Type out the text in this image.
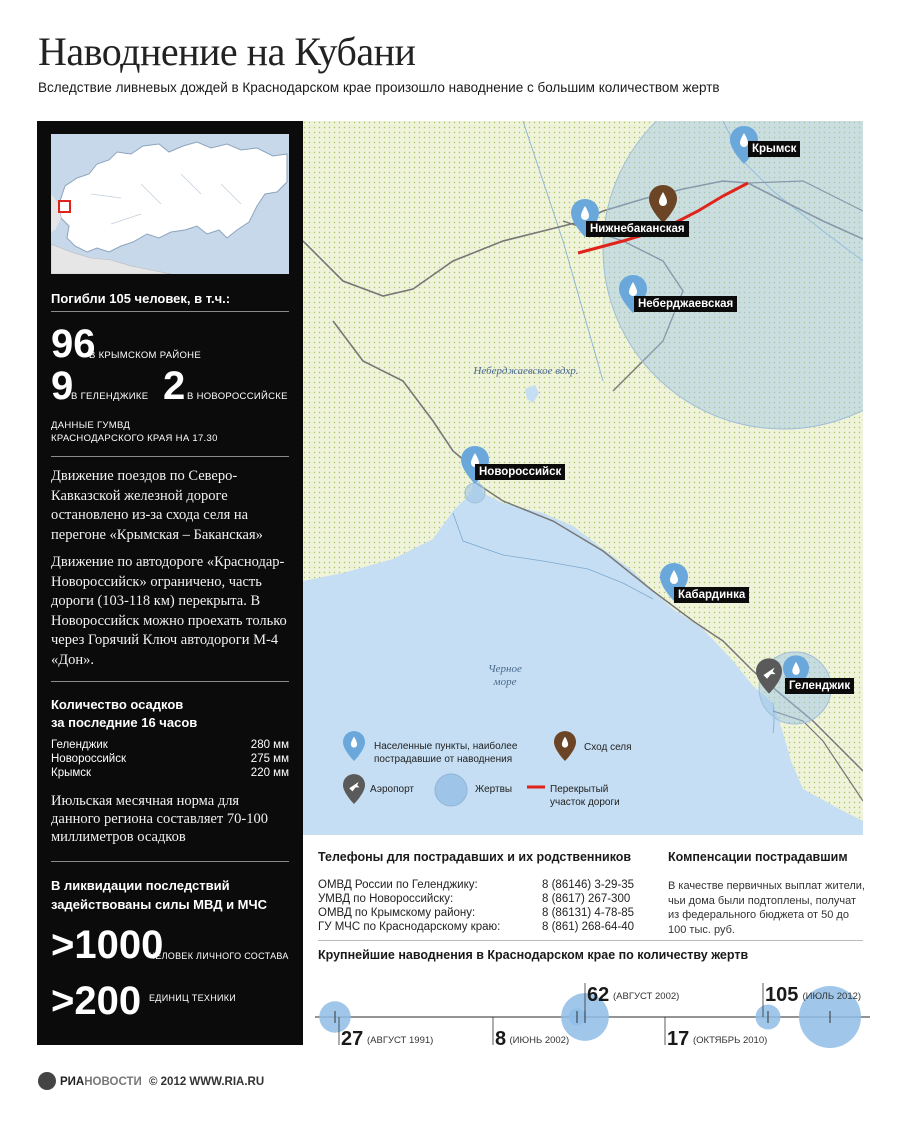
Наводнение на Кубани
Вследствие ливневых дождей в Краснодарском крае произошло наводнение с большим количеством жертв
Погибли 105 человек, в т.ч.:
96
В КРЫМСКОМ РАЙОНЕ
9
В ГЕЛЕНДЖИКЕ 2 В НОВОРОССИЙСКЕ
ДАННЫЕ ГУМВД
КРАСНОДАРСКОГО КРАЯ НА 17.30
Движение поездов по Северо-Кавказской железной дороге остановлено из-за схода селя на перегоне «Крымская – Баканская»
Движение по автодороге «Краснодар-Новороссийск» ограничено, часть дороги (103-118 км) перекрыта. В Новороссийск можно проехать только через Горячий Ключ автодороги М-4 «Дон».
Количество осадков
за последние 16 часов
Геленджик	280 мм
Новороссийск	275 мм
Крымск	220 мм
Июльская месячная норма для данного региона составляет 70-100 миллиметров осадков
В ликвидации последствий
задействованы силы МВД и МЧС
>1000
ЧЕЛОВЕК ЛИЧНОГО СОСТАВА
>200 ЕДИНИЦ ТЕХНИКИ
Крымск
Нижнебаканская
Неберджаевская
Неберджаевское вдхр.
Новороссийск
Кабардинка
Геленджик
Черное
море
Населенные пункты, наиболее
пострадавшие от наводнения
Сход селя
Аэропорт	Жертвы	Перекрытый
участок дороги
Телефоны для пострадавших и их родственников
ОМВД России по Геленджику:	8 (86146) 3-29-35
УМВД по Новороссийску:	8 (8617) 267-300
ОМВД по Крымскому району:	8 (86131) 4-78-85
ГУ МЧС по Краснодарскому краю:	8 (861) 268-64-40
Компенсации пострадавшим
В качестве первичных выплат жители, чьи дома были подтоплены, получат из федерального бюджета от 50 до 100 тыс. руб.
Крупнейшие наводнения в Краснодарском крае по количеству жертв
27 (АВГУСТ 1991)	8 (ИЮНЬ 2002)
62 (АВГУСТ 2002)
17 (ОКТЯБРЬ 2010)
105 (ИЮЛЬ 2012)
РИАНОВОСТИ © 2012 WWW.RIA.RU
